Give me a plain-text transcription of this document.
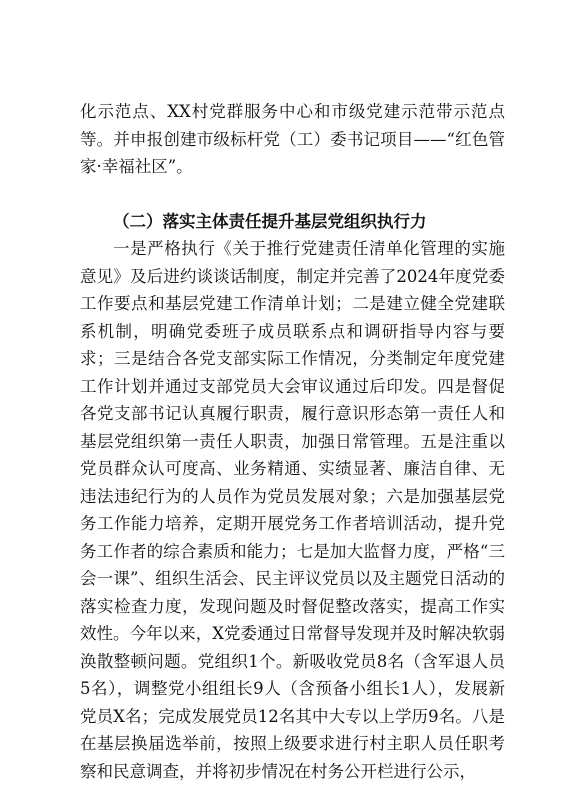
化示范点、XX村党群服务中心和市级党建示范带示范点等。并申报创建市级标杆党（工）委书记项目——“红色管家·幸福社区”。

（二）落实主体责任提升基层党组织执行力

一是严格执行《关于推行党建责任清单化管理的实施意见》及后进约谈谈话制度，制定并完善了2024年度党委工作要点和基层党建工作清单计划；二是建立健全党建联系机制，明确党委班子成员联系点和调研指导内容与要求；三是结合各党支部实际工作情况，分类制定年度党建工作计划并通过支部党员大会审议通过后印发。四是督促各党支部书记认真履行职责，履行意识形态第一责任人和基层党组织第一责任人职责，加强日常管理。五是注重以党员群众认可度高、业务精通、实绩显著、廉洁自律、无违法违纪行为的人员作为党员发展对象；六是加强基层党务工作能力培养，定期开展党务工作者培训活动，提升党务工作者的综合素质和能力；七是加大监督力度，严格“三会一课”、组织生活会、民主评议党员以及主题党日活动的落实检查力度，发现问题及时督促整改落实，提高工作实效性。今年以来，X党委通过日常督导发现并及时解决软弱涣散整顿问题。党组织1个。新吸收党员8名（含军退人员5名），调整党小组组长9人（含预备小组长1人），发展新党员X名；完成发展党员12名其中大专以上学历9名。八是在基层换届选举前，按照上级要求进行村主职人员任职考察和民意调查，并将初步情况在村务公开栏进行公示，
